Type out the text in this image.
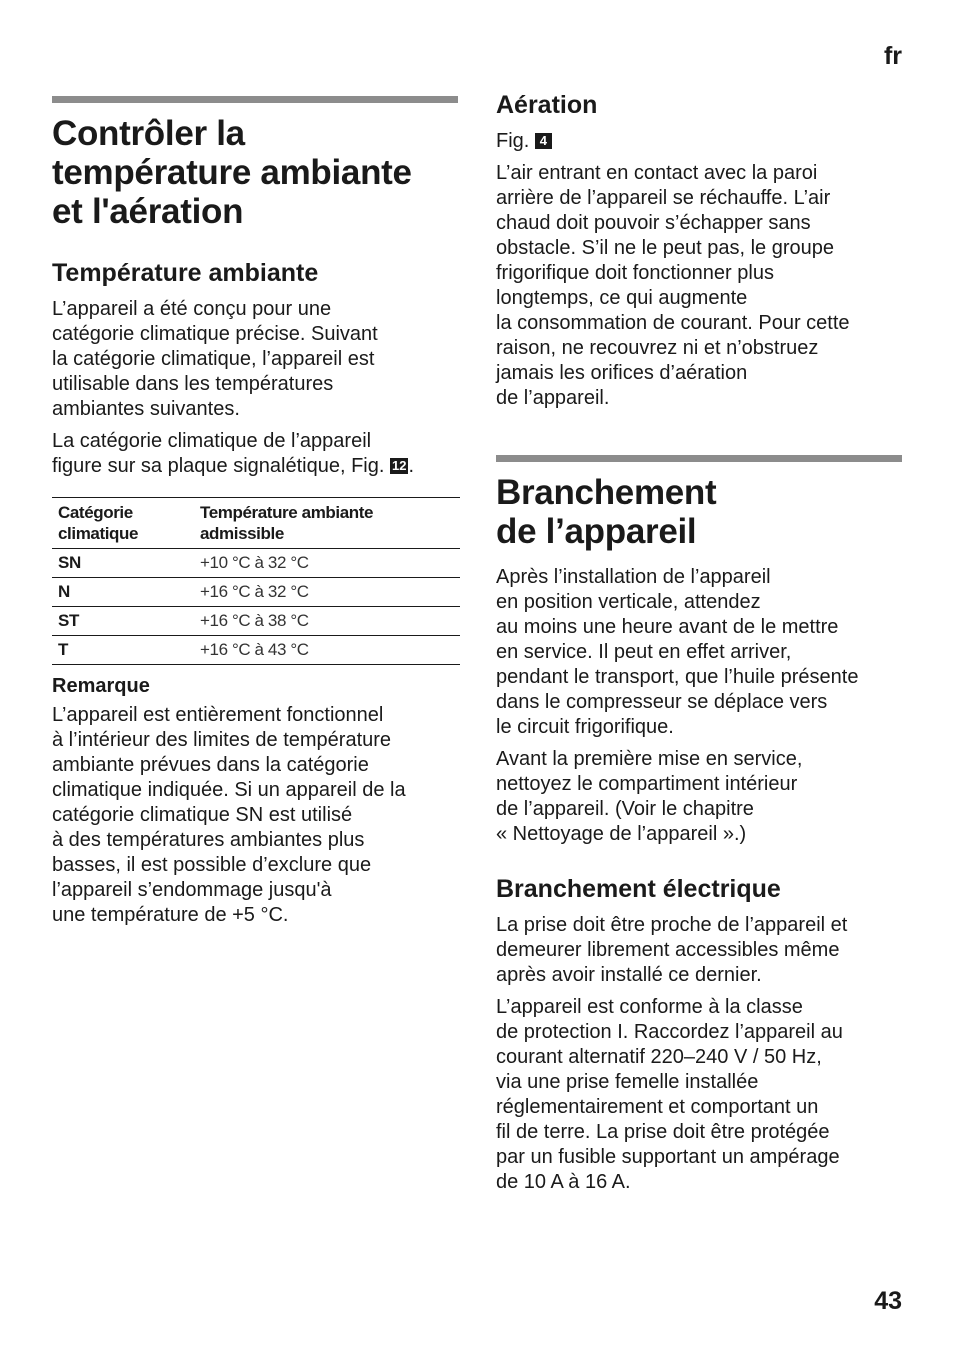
fr
Contrôler la
température ambiante
et l'aération
Température ambiante

L’appareil a été conçu pour une
catégorie climatique précise. Suivant
la catégorie climatique, l’appareil est
utilisable dans les températures
ambiantes suivantes.

La catégorie climatique de l’appareil
figure sur sa plaque signalétique, Fig. 12 .

Catégorie
climatique	Température ambiante
admissible
SN	+10 °C à 32 °C
N	+16 °C à 32 °C
ST	+16 °C à 38 °C
T	+16 °C à 43 °C
Remarque

L’appareil est entièrement fonctionnel
à l’intérieur des limites de température
ambiante prévues dans la catégorie
climatique indiquée. Si un appareil de la
catégorie climatique SN est utilisé
à des températures ambiantes plus
basses, il est possible d’exclure que
l’appareil s’endommage jusqu'à
une température de +5 °C.

Aération

Fig. 4

L’air entrant en contact avec la paroi
arrière de l’appareil se réchauffe. L’air
chaud doit pouvoir s’échapper sans
obstacle. S’il ne le peut pas, le groupe
frigorifique doit fonctionner plus
longtemps, ce qui augmente
la consommation de courant. Pour cette
raison, ne recouvrez ni et n’obstruez
jamais les orifices d’aération
de l’appareil.

Branchement
de l’appareil

Après l’installation de l’appareil
en position verticale, attendez
au moins une heure avant de le mettre
en service. Il peut en effet arriver,
pendant le transport, que l’huile présente
dans le compresseur se déplace vers
le circuit frigorifique.

Avant la première mise en service,
nettoyez le compartiment intérieur
de l’appareil. (Voir le chapitre
« Nettoyage de l’appareil ».)

Branchement électrique

La prise doit être proche de l’appareil et
demeurer librement accessibles même
après avoir installé ce dernier.

L’appareil est conforme à la classe
de protection I. Raccordez l’appareil au
courant alternatif 220–240 V / 50 Hz,
via une prise femelle installée
réglementairement et comportant un
fil de terre. La prise doit être protégée
par un fusible supportant un ampérage
de 10 A à 16 A.

43
